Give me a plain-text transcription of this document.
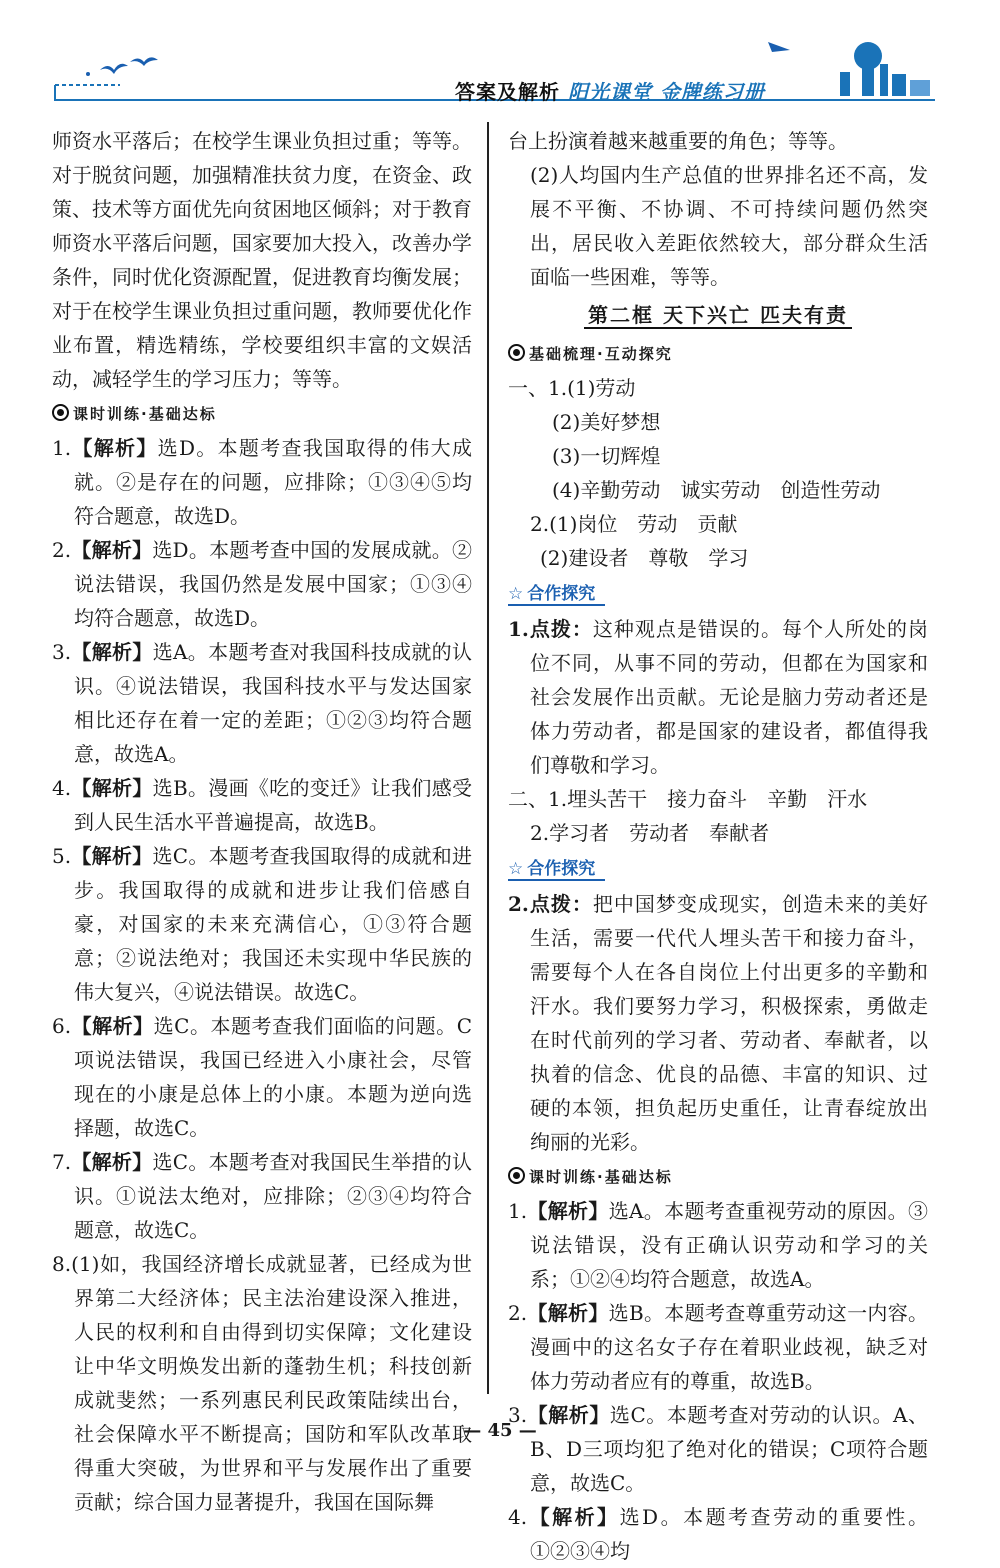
答案及解析 阳光课堂 金牌练习册

师资水平落后；在校学生课业负担过重；等等。对于脱贫问题，加强精准扶贫力度，在资金、政策、技术等方面优先向贫困地区倾斜；对于教育师资水平落后问题，国家要加大投入，改善办学条件，同时优化资源配置，促进教育均衡发展；对于在校学生课业负担过重问题，教师要优化作业布置，精选精练，学校要组织丰富的文娱活动，减轻学生的学习压力；等等。

课时训练·基础达标

1.【解析】选D。本题考查我国取得的伟大成就。②是存在的问题，应排除；①③④⑤均符合题意，故选D。

2.【解析】选D。本题考查中国的发展成就。②说法错误，我国仍然是发展中国家；①③④均符合题意，故选D。

3.【解析】选A。本题考查对我国科技成就的认识。④说法错误，我国科技水平与发达国家相比还存在着一定的差距；①②③均符合题意，故选A。

4.【解析】选B。漫画《吃的变迁》让我们感受到人民生活水平普遍提高，故选B。

5.【解析】选C。本题考查我国取得的成就和进步。我国取得的成就和进步让我们倍感自豪，对国家的未来充满信心，①③符合题意；②说法绝对；我国还未实现中华民族的伟大复兴，④说法错误。故选C。

6.【解析】选C。本题考查我们面临的问题。C项说法错误，我国已经进入小康社会，尽管现在的小康是总体上的小康。本题为逆向选择题，故选C。

7.【解析】选C。本题考查对我国民生举措的认识。①说法太绝对，应排除；②③④均符合题意，故选C。

8.(1)如，我国经济增长成就显著，已经成为世界第二大经济体；民主法治建设深入推进，人民的权利和自由得到切实保障；文化建设让中华文明焕发出新的蓬勃生机；科技创新成就斐然；一系列惠民利民政策陆续出台，社会保障水平不断提高；国防和军队改革取得重大突破，为世界和平与发展作出了重要贡献；综合国力显著提升，我国在国际舞

台上扮演着越来越重要的角色；等等。

(2)人均国内生产总值的世界排名还不高，发展不平衡、不协调、不可持续问题仍然突出，居民收入差距依然较大，部分群众生活面临一些困难，等等。

第二框 天下兴亡 匹夫有责
基础梳理·互动探究

一、1.(1)劳动

(2)美好梦想

(3)一切辉煌

(4)辛勤劳动　诚实劳动　创造性劳动

2.(1)岗位　劳动　贡献

(2)建设者　尊敬　学习

☆ 合作探究

1.点拨：这种观点是错误的。每个人所处的岗位不同，从事不同的劳动，但都在为国家和社会发展作出贡献。无论是脑力劳动者还是体力劳动者，都是国家的建设者，都值得我们尊敬和学习。

二、1.埋头苦干　接力奋斗　辛勤　汗水

2.学习者　劳动者　奉献者

☆ 合作探究

2.点拨：把中国梦变成现实，创造未来的美好生活，需要一代代人埋头苦干和接力奋斗，需要每个人在各自岗位上付出更多的辛勤和汗水。我们要努力学习，积极探索，勇做走在时代前列的学习者、劳动者、奉献者，以执着的信念、优良的品德、丰富的知识、过硬的本领，担负起历史重任，让青春绽放出绚丽的光彩。

课时训练·基础达标

1.【解析】选A。本题考查重视劳动的原因。③说法错误，没有正确认识劳动和学习的关系；①②④均符合题意，故选A。

2.【解析】选B。本题考查尊重劳动这一内容。漫画中的这名女子存在着职业歧视，缺乏对体力劳动者应有的尊重，故选B。

3.【解析】选C。本题考查对劳动的认识。A、B、D三项均犯了绝对化的错误；C项符合题意，故选C。

4.【解析】选D。本题考查劳动的重要性。①②③④均

— 45 —
